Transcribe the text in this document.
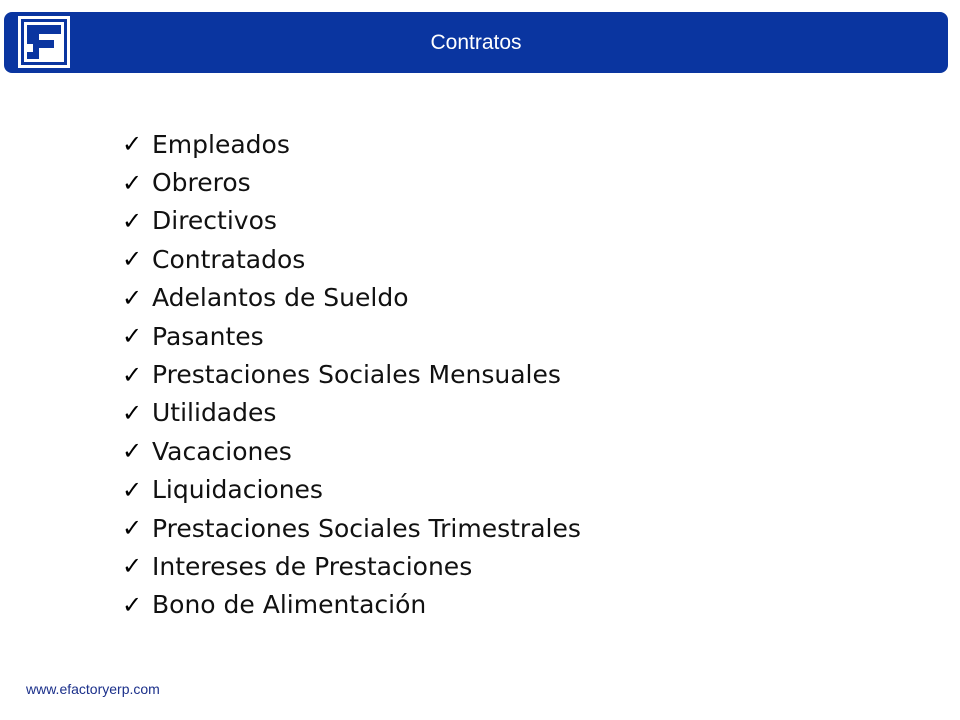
Contratos
✓ Empleados
✓ Obreros
✓ Directivos
✓ Contratados
✓ Adelantos de Sueldo
✓ Pasantes
✓ Prestaciones Sociales Mensuales
✓ Utilidades
✓ Vacaciones
✓ Liquidaciones
✓ Prestaciones Sociales Trimestrales
✓ Intereses de Prestaciones
✓ Bono de Alimentación
www.efactoryerp.com
